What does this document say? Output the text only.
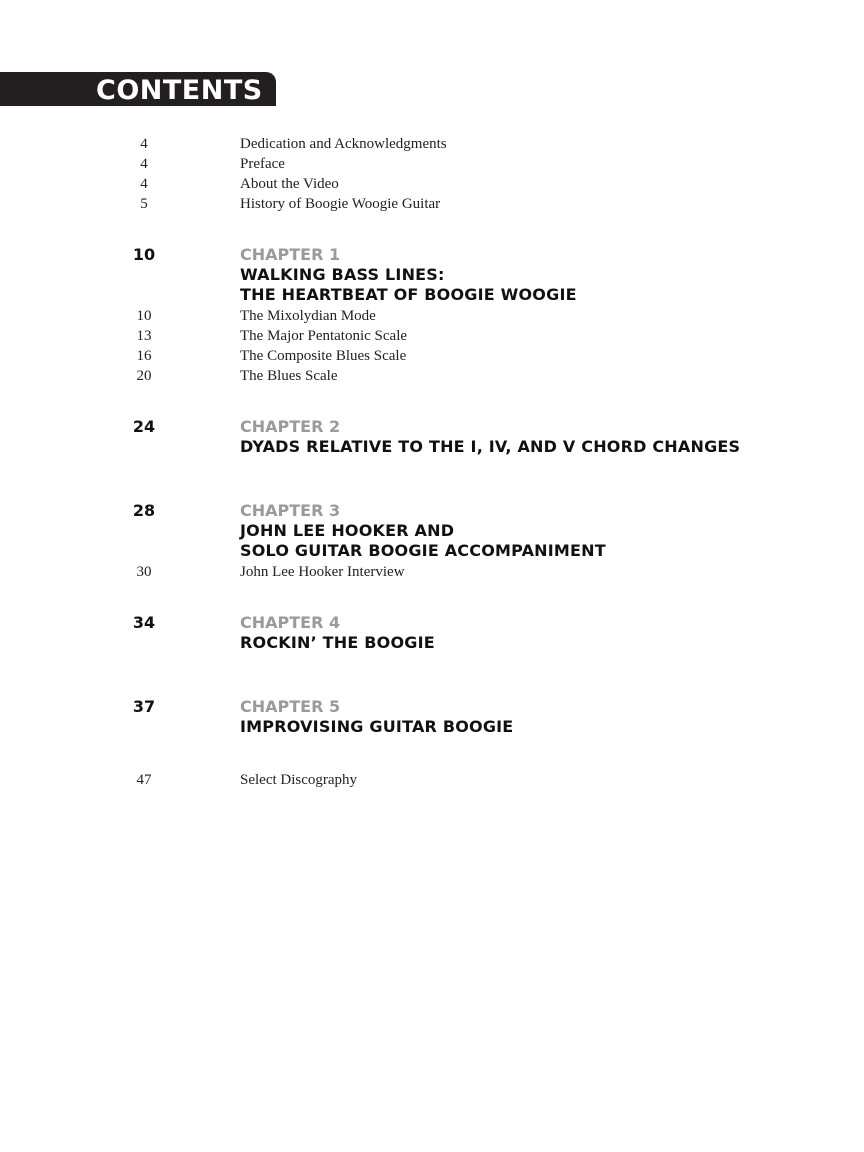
CONTENTS
4	Dedication and Acknowledgments
4	Preface
4	About the Video
5	History of Boogie Woogie Guitar
10	CHAPTER 1
WALKING BASS LINES:
THE HEARTBEAT OF BOOGIE WOOGIE
10	The Mixolydian Mode
13	The Major Pentatonic Scale
16	The Composite Blues Scale
20	The Blues Scale
24	CHAPTER 2
DYADS RELATIVE TO THE I, IV, AND V CHORD CHANGES
28	CHAPTER 3
JOHN LEE HOOKER AND
SOLO GUITAR BOOGIE ACCOMPANIMENT
30	John Lee Hooker Interview
34	CHAPTER 4
ROCKIN’ THE BOOGIE
37	CHAPTER 5
IMPROVISING GUITAR BOOGIE
47	Select Discography
